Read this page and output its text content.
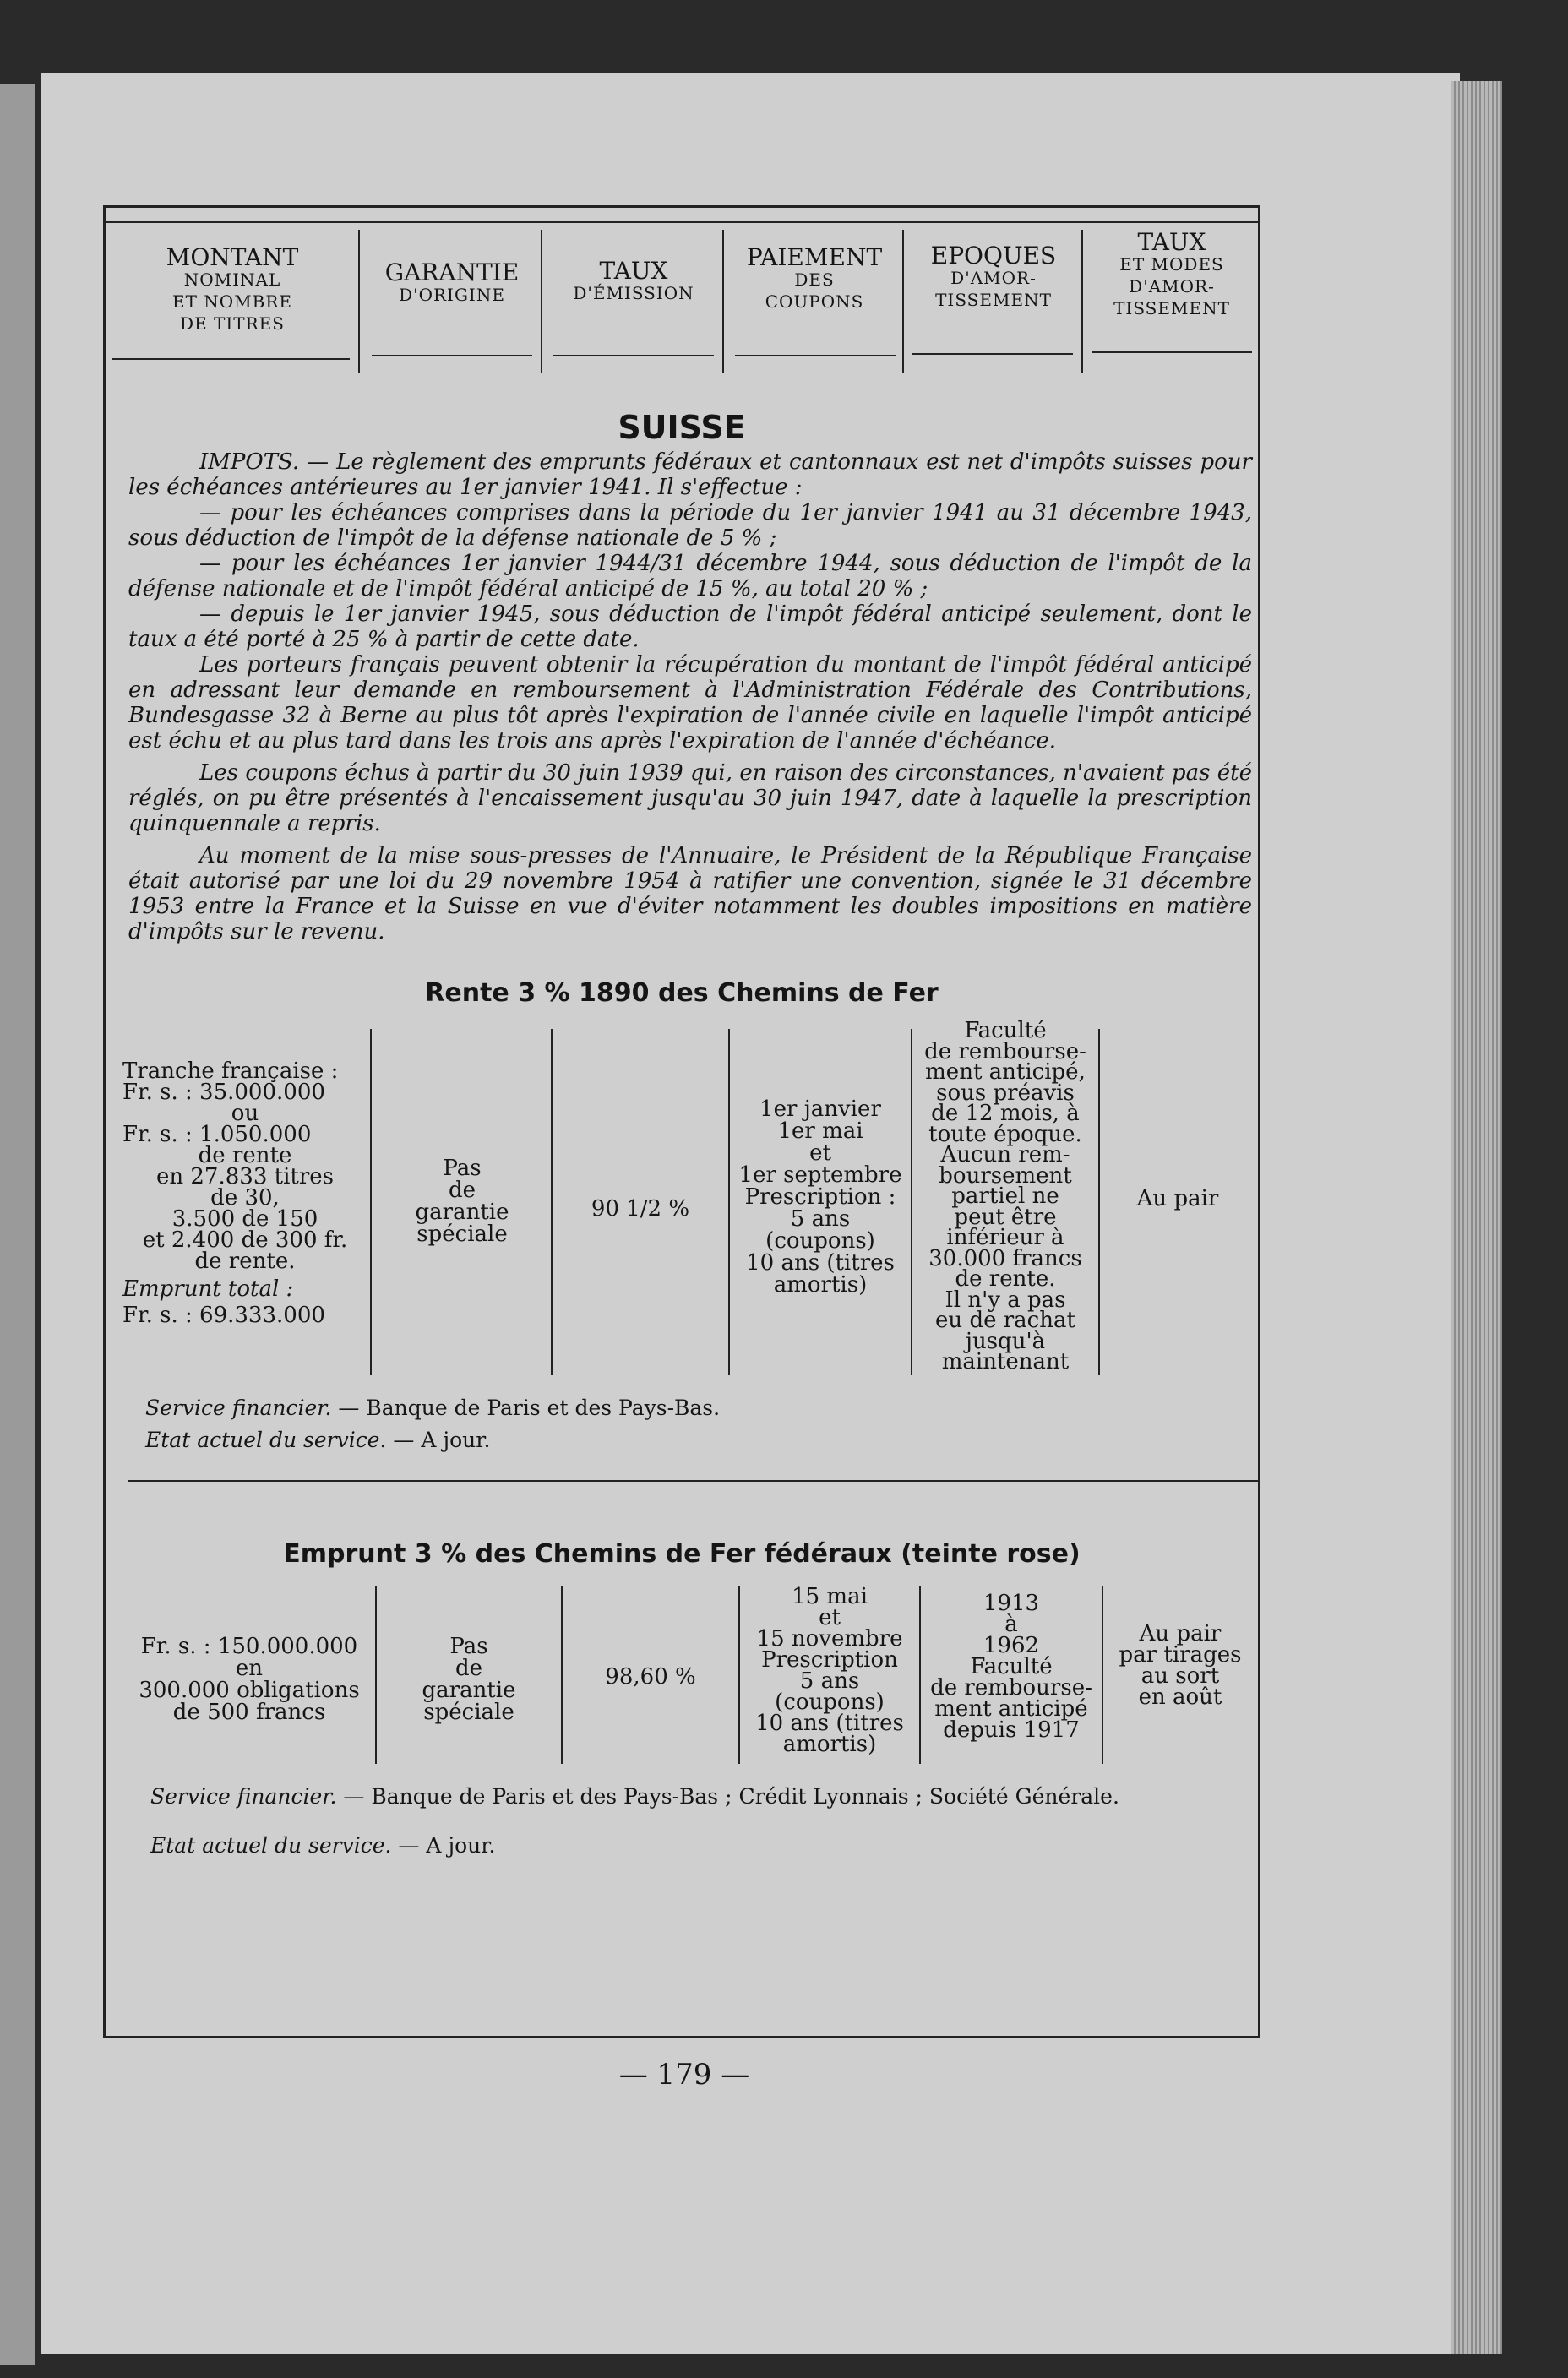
MONTANT
NOMINAL
ET NOMBRE
DE TITRES
GARANTIE
D'ORIGINE
TAUX
D'ÉMISSION
PAIEMENT
DES
COUPONS
EPOQUES
D'AMOR-
TISSEMENT
TAUX
ET MODES
D'AMOR-
TISSEMENT
SUISSE

IMPOTS. — Le règlement des emprunts fédéraux et cantonnaux est net d'impôts suisses pour les échéances antérieures au 1er janvier 1941. Il s'effectue :

— pour les échéances comprises dans la période du 1er janvier 1941 au 31 décembre 1943, sous déduction de l'impôt de la défense nationale de 5 % ;

— pour les échéances 1er janvier 1944/31 décembre 1944, sous déduction de l'impôt de la défense nationale et de l'impôt fédéral anticipé de 15 %, au total 20 % ;

— depuis le 1er janvier 1945, sous déduction de l'impôt fédéral anticipé seulement, dont le taux a été porté à 25 % à partir de cette date.

Les porteurs français peuvent obtenir la récupération du montant de l'impôt fédéral anticipé en adressant leur demande en remboursement à l'Administration Fédérale des Contributions, Bundesgasse 32 à Berne au plus tôt après l'expiration de l'année civile en laquelle l'impôt anticipé est échu et au plus tard dans les trois ans après l'expiration de l'année d'échéance.

Les coupons échus à partir du 30 juin 1939 qui, en raison des circonstances, n'avaient pas été réglés, on pu être présentés à l'encaissement jusqu'au 30 juin 1947, date à laquelle la prescription quinquennale a repris.

Au moment de la mise sous-presses de l'Annuaire, le Président de la République Française était autorisé par une loi du 29 novembre 1954 à ratifier une convention, signée le 31 décembre 1953 entre la France et la Suisse en vue d'éviter notamment les doubles impositions en matière d'impôts sur le revenu.

Rente 3 % 1890 des Chemins de Fer
Tranche française :
Fr. s. : 35.000.000
ou
Fr. s. : 1.050.000
de rente
en 27.833 titres
de 30,
3.500 de 150
et 2.400 de 300 fr.
de rente.
Emprunt total :
Fr. s. : 69.333.000
Pas
de
garantie
spéciale
90 1/2 %
1er janvier
1er mai
et
1er septembre
Prescription :
5 ans
(coupons)
10 ans (titres
amortis)
Faculté
de rembourse-
ment anticipé,
sous préavis
de 12 mois, à
toute époque.
Aucun rem-
boursement
partiel ne
peut être
inférieur à
30.000 francs
de rente.
Il n'y a pas
eu de rachat
jusqu'à
maintenant
Au pair
Service financier. — Banque de Paris et des Pays-Bas.
Etat actuel du service. — A jour.
Emprunt 3 % des Chemins de Fer fédéraux (teinte rose)
Fr. s. : 150.000.000
en
300.000 obligations
de 500 francs
Pas
de
garantie
spéciale
98,60 %
15 mai
et
15 novembre
Prescription
5 ans
(coupons)
10 ans (titres
amortis)
1913
à
1962
Faculté
de rembourse-
ment anticipé
depuis 1917
Au pair
par tirages
au sort
en août
Service financier. — Banque de Paris et des Pays-Bas ; Crédit Lyonnais ; Société Générale.
Etat actuel du service. — A jour.
— 179 —
